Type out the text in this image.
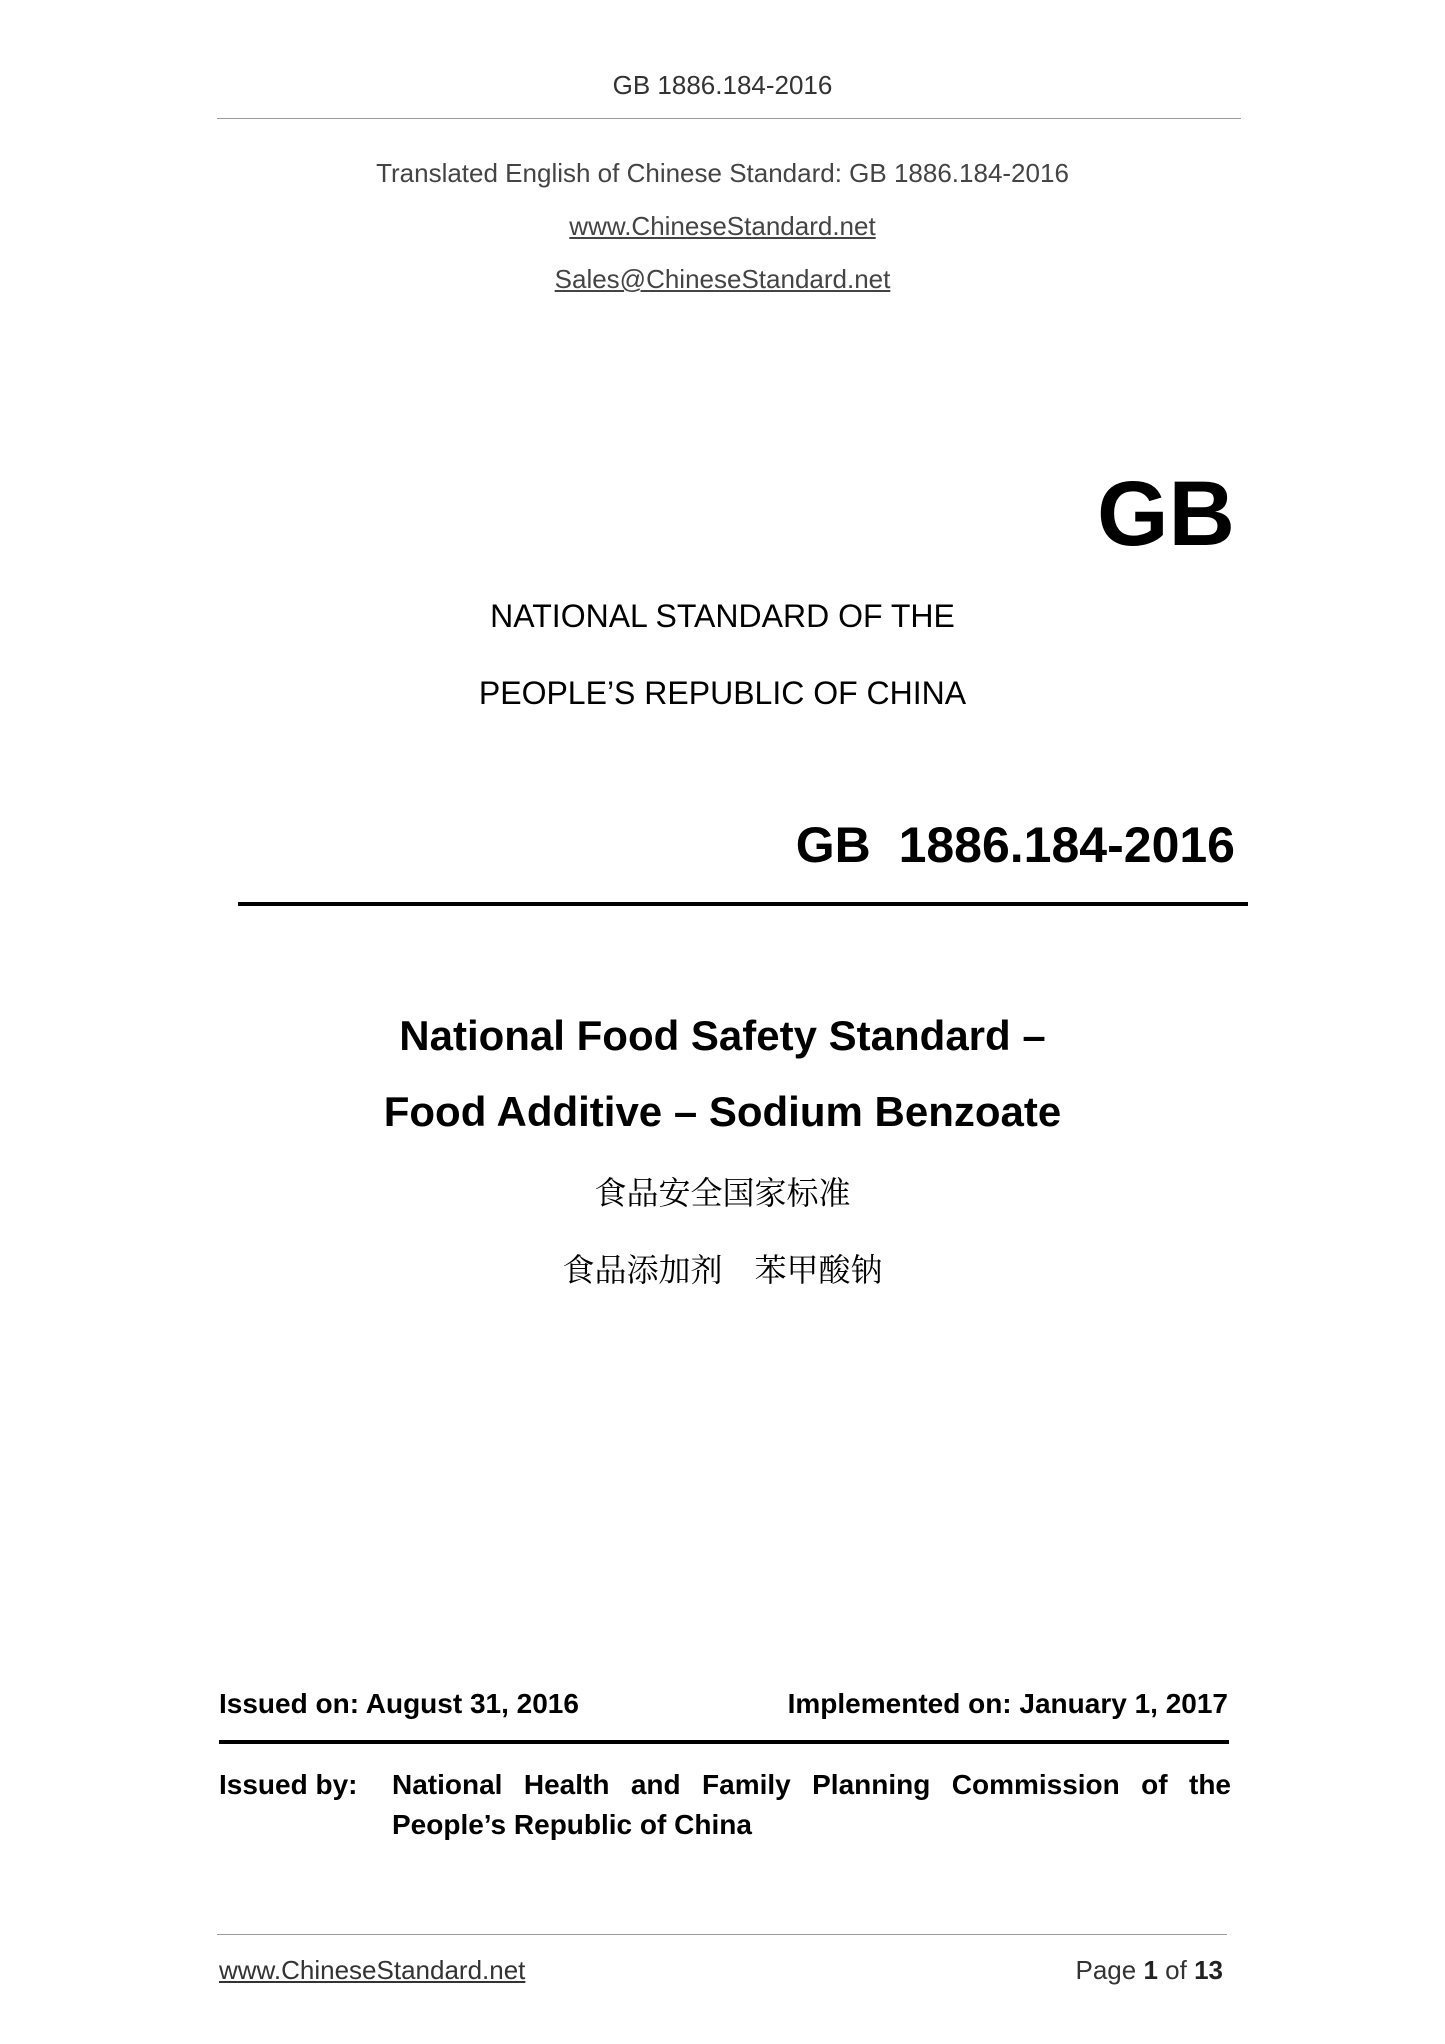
GB 1886.184-2016
Translated English of Chinese Standard: GB 1886.184-2016
www.ChineseStandard.net
Sales@ChineseStandard.net
GB
NATIONAL STANDARD OF THE
PEOPLE’S REPUBLIC OF CHINA
GB  1886.184-2016
National Food Safety Standard –
Food Additive – Sodium Benzoate
食品安全国家标准
食品添加剂　苯甲酸钠
Issued on: August 31, 2016	Implemented on: January 1, 2017
Issued by:	National Health and Family Planning Commission of the
People’s Republic of China
www.ChineseStandard.net	Page 1 of 13
